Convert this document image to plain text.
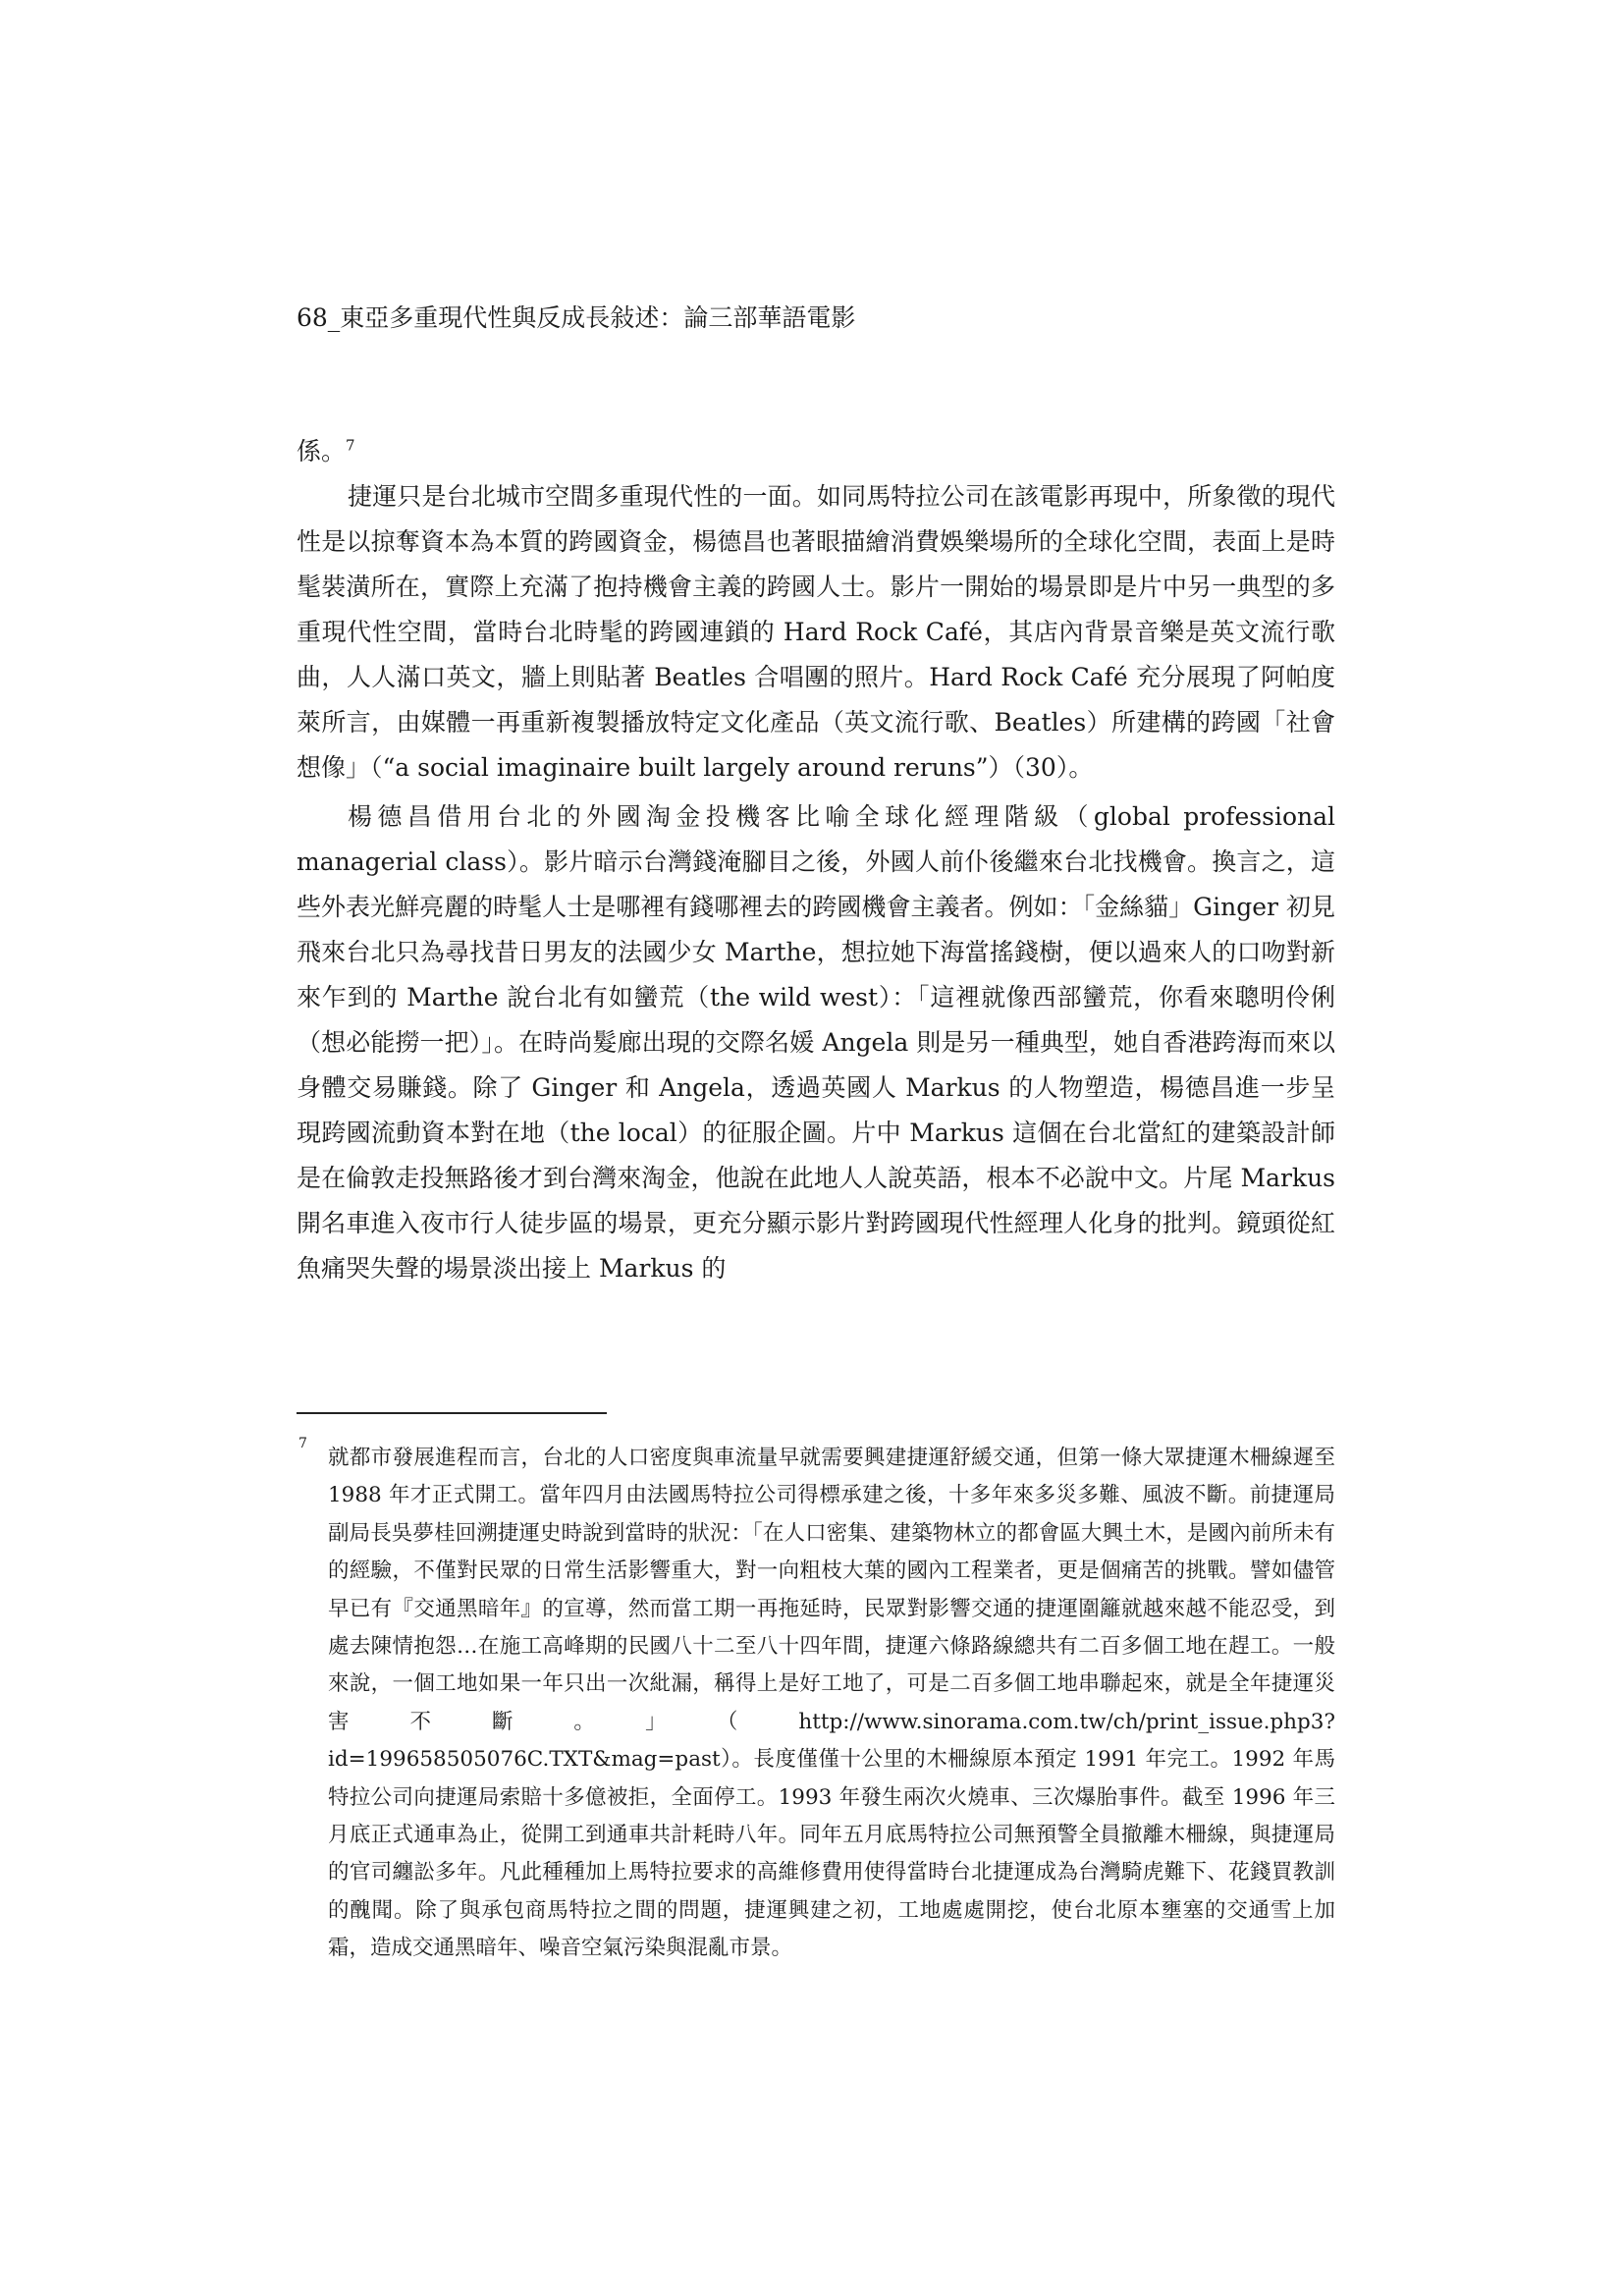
68_東亞多重現代性與反成長敍述：論三部華語電影

係。$^7$

捷運只是台北城市空間多重現代性的一面。如同馬特拉公司在該電影再現中，所象徵的現代性是以掠奪資本為本質的跨國資金，楊德昌也著眼描繪消費娛樂場所的全球化空間，表面上是時髦裝潢所在，實際上充滿了抱持機會主義的跨國人士。影片一開始的場景即是片中另一典型的多重現代性空間，當時台北時髦的跨國連鎖的 Hard Rock Café，其店內背景音樂是英文流行歌曲，人人滿口英文，牆上則貼著 Beatles 合唱團的照片。Hard Rock Café 充分展現了阿帕度萊所言，由媒體一再重新複製播放特定文化產品（英文流行歌、Beatles）所建構的跨國「社會想像」（“a social imaginaire built largely around reruns”）（30）。

楊德昌借用台北的外國淘金投機客比喻全球化經理階級（global professional managerial class）。影片暗示台灣錢淹腳目之後，外國人前仆後繼來台北找機會。換言之，這些外表光鮮亮麗的時髦人士是哪裡有錢哪裡去的跨國機會主義者。例如：「金絲貓」Ginger 初見飛來台北只為尋找昔日男友的法國少女 Marthe，想拉她下海當搖錢樹，便以過來人的口吻對新來乍到的 Marthe 說台北有如蠻荒（the wild west）：「這裡就像西部蠻荒，你看來聰明伶俐（想必能撈一把）」。在時尚髮廊出現的交際名媛 Angela 則是另一種典型，她自香港跨海而來以身體交易賺錢。除了 Ginger 和 Angela，透過英國人 Markus 的人物塑造，楊德昌進一步呈現跨國流動資本對在地（the local）的征服企圖。片中 Markus 這個在台北當紅的建築設計師是在倫敦走投無路後才到台灣來淘金，他說在此地人人說英語，根本不必說中文。片尾 Markus 開名車進入夜市行人徒步區的場景，更充分顯示影片對跨國現代性經理人化身的批判。鏡頭從紅魚痛哭失聲的場景淡出接上 Markus 的

7
就都市發展進程而言，台北的人口密度與車流量早就需要興建捷運舒緩交通，但第一條大眾捷運木柵線遲至 1988 年才正式開工。當年四月由法國馬特拉公司得標承建之後，十多年來多災多難、風波不斷。前捷運局副局長吳夢桂回溯捷運史時說到當時的狀況：「在人口密集、建築物林立的都會區大興土木，是國內前所未有的經驗，不僅對民眾的日常生活影響重大，對一向粗枝大葉的國內工程業者，更是個痛苦的挑戰。譬如儘管早已有『交通黑暗年』的宣導，然而當工期一再拖延時，民眾對影響交通的捷運圍籬就越來越不能忍受，到處去陳情抱怨…在施工高峰期的民國八十二至八十四年間，捷運六條路線總共有二百多個工地在趕工。一般來說，一個工地如果一年只出一次紕漏，稱得上是好工地了，可是二百多個工地串聯起來，就是全年捷運災害不斷。」（http://www.sinorama.com.tw/ch/print_issue.php3?id=199658505076C.TXT&mag=past）。長度僅僅十公里的木柵線原本預定 1991 年完工。1992 年馬特拉公司向捷運局索賠十多億被拒，全面停工。1993 年發生兩次火燒車、三次爆胎事件。截至 1996 年三月底正式通車為止，從開工到通車共計耗時八年。同年五月底馬特拉公司無預警全員撤離木柵線，與捷運局的官司纏訟多年。凡此種種加上馬特拉要求的高維修費用使得當時台北捷運成為台灣騎虎難下、花錢買教訓的醜聞。除了與承包商馬特拉之間的問題，捷運興建之初，工地處處開挖，使台北原本壅塞的交通雪上加霜，造成交通黑暗年、噪音空氣污染與混亂市景。
